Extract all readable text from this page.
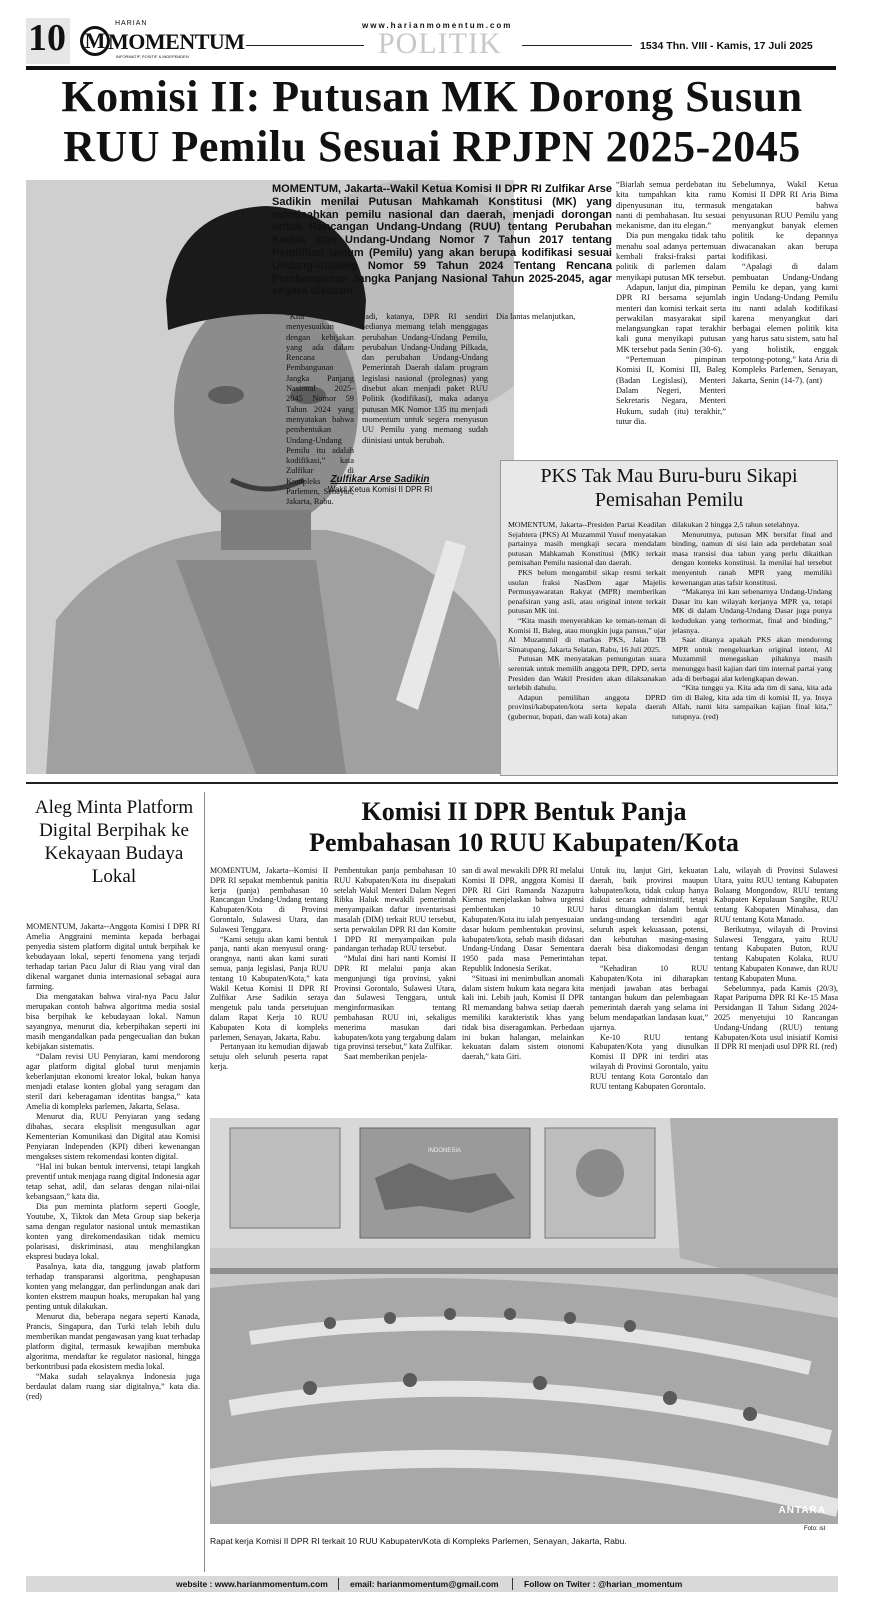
10	HARIAN
M MOMENTUM
INFORMATIF, POSITIF & INDEPENDEN
www.harianmomentum.com
POLITIK	1534 Thn. VIII - Kamis, 17 Juli 2025
Komisi II: Putusan MK Dorong Susun
RUU Pemilu Sesuai RPJPN 2025-2045
Zulfikar Arse Sadikin
Wakil Ketua Komisi II DPR RI
MOMENTUM, Jakarta--Wakil Ketua Komisi II DPR RI Zulfikar Arse Sadikin menilai Putusan Mahkamah Konstitusi (MK) yang memisahkan pemilu nasional dan daerah, menjadi dorongan untuk Rancangan Undang-Undang (RUU) tentang Perubahan Kedua atas Undang-Undang Nomor 7 Tahun 2017 tentang Pemilihan Umum (Pemilu) yang akan berupa kodifikasi sesuai Undang-Undang Nomor 59 Tahun 2024 Tentang Rencana Pembangunan Jangka Panjang Nasional Tahun 2025-2045, agar segera disusun.

“Kita menyesuaikan dengan kebijakan yang ada dalam Rencana Pembangunan Jangka Panjang Nasional 2025-2045 Nomor 59 Tahun 2024 yang menyatakan bahwa pembentukan Undang-Undang Pemilu itu adalah kodifikasi,” kata Zulfikar di Kompleks Parlemen, Senayan, Jakarta, Rabu.

Jadi, katanya, DPR RI sendiri sedianya memang telah menggagas perubahan Undang-Undang Pemilu, perubahan Undang-Undang Pilkada, dan perubahan Undang-Undang Pemerintah Daerah dalam program legislasi nasional (prolegnas) yang disebut akan menjadi paket RUU Politik (kodifikasi), maka adanya putusan MK Nomor 135 itu menjadi momentum untuk segera menyusun UU Pemilu yang memang sudah diinisiasi untuk berubah.

Dia lantas melanjutkan,

“Biarlah semua perdebatan itu kita tumpahkan kita ramu dipenyusunan itu, termasuk nanti di pembahasan. Itu sesuai mekanisme, dan itu elegan.”

Dia pun mengaku tidak tahu menahu soal adanya pertemuan kembali fraksi-fraksi partai politik di parlemen dalam menyikapi putusan MK tersebut.

Adapun, lanjut dia, pimpinan DPR RI bersama sejumlah menteri dan komisi terkait serta perwakilan masyarakat sipil melangsungkan rapat terakhir kali guna menyikapi putusan MK tersebut pada Senin (30-6).

“Pertemuan pimpinan Komisi II, Komisi III, Baleg (Badan Legislasi), Menteri Dalam Negeri, Menteri Sekretaris Negara, Menteri Hukum, sudah (itu) terakhir,” tutur dia.

Sebelumnya, Wakil Ketua Komisi II DPR RI Aria Bima mengatakan bahwa penyusunan RUU Pemilu yang menyangkut banyak elemen politik ke depannya diwacanakan akan berupa kodifikasi.

“Apalagi di dalam pembuatan Undang-Undang Pemilu ke depan, yang kami ingin Undang-Undang Pemilu itu nanti adalah kodifikasi karena menyangkut dari berbagai elemen politik kita yang harus satu sistem, satu hal yang holistik, enggak terpotong-potong,” kata Aria di Kompleks Parlemen, Senayan, Jakarta, Senin (14-7). (ant)

PKS Tak Mau Buru-buru Sikapi
Pemisahan Pemilu

MOMENTUM, Jakarta--Presiden Partai Keadilan Sejahtera (PKS) Al Muzammil Yusuf menyatakan partainya masih mengkaji secara mendalam putusan Mahkamah Konstitusi (MK) terkait pemisahan Pemilu nasional dan daerah.

PKS belum mengambil sikap resmi terkait usulan fraksi NasDem agar Majelis Permusyawaratan Rakyat (MPR) memberikan penafsiran yang asli, atau original intent terkait putusan MK ini.

“Kita masih menyerahkan ke teman-teman di Komisi II, Baleg, atau mungkin juga pansus,” ujar Al Muzammil di markas PKS, Jalan TB Simatupang, Jakarta Selatan, Rabu, 16 Juli 2025.

Putusan MK menyatakan pemungutan suara serentak untuk memilih anggota DPR, DPD, serta Presiden dan Wakil Presiden akan dilaksanakan terlebih dahulu.

Adapun pemilihan anggota DPRD provinsi/kabupaten/kota serta kepala daerah (gubernur, bupati, dan wali kota) akan

dilakukan 2 hingga 2,5 tahun setelahnya.

Menurutnya, putusan MK bersifat final and binding, namun di sisi lain ada perdebatan soal masa transisi dua tahun yang perlu dikaitkan dengan konteks konstitusi. Ia menilai hal tersebut menyentuh ranah MPR yang memiliki kewenangan atas tafsir konstitusi.

“Makanya ini kan sebenarnya Undang-Undang Dasar itu kan wilayah kerjanya MPR ya, tetapi MK di dalam Undang-Undang Dasar juga punya kedudukan yang terhormat, final and binding,” jelasnya.

Saat ditanya apakah PKS akan mendorong MPR untuk mengeluarkan original intent, Al Muzammil menegaskan pihaknya masih menunggu hasil kajian dari tim internal partai yang ada di berbagai alat kelengkapan dewan.

“Kita tunggu ya. Kita ada tim di sana, kita ada tim di Baleg, kita ada tim di komisi II, ya. Insya Allah, nanti kita sampaikan kajian final kita,” tutupnya. (red)

Aleg Minta Platform Digital Berpihak ke Kekayaan Budaya Lokal

MOMENTUM, Jakarta--Anggota Komisi I DPR RI Amelia Anggraini meminta kepada berbagai penyedia sistem platform digital untuk berpihak ke kebudayaan lokal, seperti fenomena yang terjadi terhadap tarian Pacu Jalur di Riau yang viral dan dikenal warganet dunia internasional sebagai aura farming.

Dia mengatakan bahwa viral-nya Pacu Jalur merupakan contoh bahwa algoritma media sosial bisa berpihak ke kebudayaan lokal. Namun sayangnya, menurut dia, keberpihakan seperti ini masih mengandalkan pada pengecualian dan bukan kebijakan sistematis.

“Dalam revisi UU Penyiaran, kami mendorong agar platform digital global turut menjamin keberlanjutan ekonomi kreator lokal, bukan hanya menjadi etalase konten global yang seragam dan steril dari keberagaman identitas bangsa,” kata Amelia di kompleks parlemen, Jakarta, Selasa.

Menurut dia, RUU Penyiaran yang sedang dibahas, secara eksplisit mengusulkan agar Kementerian Komunikasi dan Digital atau Komisi Penyiaran Independen (KPI) diberi kewenangan mengakses sistem rekomendasi konten digital.

“Hal ini bukan bentuk intervensi, tetapi langkah preventif untuk menjaga ruang digital Indonesia agar tetap sehat, adil, dan selaras dengan nilai-nilai kebangsaan,” kata dia.

Dia pun meminta platform seperti Google, Youtube, X, Tiktok dan Meta Group siap bekerja sama dengan regulator nasional untuk memastikan konten yang direkomendasikan tidak memicu polarisasi, diskriminasi, atau menghilangkan ekspresi budaya lokal.

Pasalnya, kata dia, tanggung jawab platform terhadap transparansi algoritma, penghapusan konten yang melanggar, dan perlindungan anak dari konten ekstrem maupun hoaks, merupakan hal yang penting untuk dilakukan.

Menurut dia, beberapa negara seperti Kanada, Prancis, Singapura, dan Turki telah lebih dulu memberikan mandat pengawasan yang kuat terhadap platform digital, termasuk kewajiban membuka algoritma, mendaftar ke regulator nasional, hingga berkontribusi pada ekosistem media lokal.

“Maka sudah selayaknya Indonesia juga berdaulat dalam ruang siar digitalnya,” kata dia. (red)

Komisi II DPR Bentuk Panja
Pembahasan 10 RUU Kabupaten/Kota

MOMENTUM, Jakarta--Komisi II DPR RI sepakat membentuk panitia kerja (panja) pembahasan 10 Rancangan Undang-Undang tentang Kabupaten/Kota di Provinsi Gorontalo, Sulawesi Utara, dan Sulawesi Tenggara.

“Kami setuju akan kami bentuk panja, nanti akan menyusul orang-orangnya, nanti akan kami surati semua, panja legislasi, Panja RUU tentang 10 Kabupaten/Kota,” kata Wakil Ketua Komisi II DPR RI Zulfikar Arse Sadikin seraya mengetuk palu tanda persetujuan dalam Rapat Kerja 10 RUU Kabupaten Kota di kompleks parlemen, Senayan, Jakarta, Rabu.

Pertanyaan itu kemudian dijawab setuju oleh seluruh peserta rapat kerja.

Pembentukan panja pembahasan 10 RUU Kabupaten/Kota itu disepakati setelah Wakil Menteri Dalam Negeri Ribka Haluk mewakili pemerintah menyampaikan daftar inventarisasi masalah (DIM) terkait RUU tersebut, serta perwakilan DPR RI dan Komite I DPD RI menyampaikan pula pandangan terhadap RUU tersebut.

“Mulai dini hari nanti Komisi II DPR RI melalui panja akan mengunjungi tiga provinsi, yakni Provinsi Gorontalo, Sulawesi Utara, dan Sulawesi Tenggara, untuk menginformasikan tentang pembahasan RUU ini, sekaligus menerima masukan dari kabupaten/kota yang tergabung dalam tiga provinsi tersebut,” kata Zulfikar.

Saat memberikan penjela-

san di awal mewakili DPR RI melalui Komisi II DPR, anggota Komisi II DPR RI Giri Ramanda Nazaputra Kiemas menjelaskan bahwa urgensi pembentukan 10 RUU Kabupaten/Kota itu ialah penyesuaian dasar hukum pembentukan provinsi, kabupaten/kota, sebab masih didasari Undang-Undang Dasar Sementara 1950 pada masa Pemerintahan Republik Indonesia Serikat.

“Situasi ini menimbulkan anomali dalam sistem hukum kata negara kita kali ini. Lebih jauh, Komisi II DPR RI memandang bahwa setiap daerah memiliki karakteristik khas yang tidak bisa diseragamkan. Perbedaan ini bukan halangan, melainkan kekuatan dalam sistem otonomi daerah,” kata Giri.

Untuk itu, lanjut Giri, kekuatan daerah, baik provinsi maupun kabupaten/kota, tidak cukup hanya diakui secara administratif, tetapi harus dituangkan dalam bentuk undang-undang tersendiri agar seluruh aspek kekuasaan, potensi, dan kebutuhan masing-masing daerah bisa diakomodasi dengan tepat.

“Kehadiran 10 RUU Kabupaten/Kota ini diharapkan menjadi jawaban atas berbagai tantangan hukum dan pelembagaan pemerintah daerah yang selama ini belum mendapatkan landasan kuat,” ujarnya.

Ke-10 RUU tentang Kabupaten/Kota yang diusulkan Komisi II DPR ini terdiri atas wilayah di Provinsi Gorontalo, yaitu RUU tentang Kota Gorontalo dan RUU tentang Kabupaten Gorontalo.

Lalu, wilayah di Provinsi Sulawesi Utara, yaitu RUU tentang Kabupaten Bolaang Mongondow, RUU tentang Kabupaten Kepulauan Sangihe, RUU tentang Kabupaten Minahasa, dan RUU tentang Kota Manado.

Berikutnya, wilayah di Provinsi Sulawesi Tenggara, yaitu RUU tentang Kabupaten Buton, RUU tentang Kabupaten Kolaka, RUU tentang Kabupaten Konawe, dan RUU tentang Kabupaten Muna.

Sebelumnya, pada Kamis (20/3), Rapat Paripurna DPR RI Ke-15 Masa Persidangan II Tahun Sidang 2024-2025 menyetujui 10 Rancangan Undang-Undang (RUU) tentang Kabupaten/Kota usul inisiatif Komisi II DPR RI menjadi usul DPR RI. (red)

INDONESIA
ANTARA
Foto: ist
Rapat kerja Komisi II DPR RI terkait 10 RUU Kabupaten/Kota di Kompleks Parlemen, Senayan, Jakarta, Rabu.
website : www.harianmomentum.com	email: harianmomentum@gmail.com	Follow on Twiter : @harian_momentum
